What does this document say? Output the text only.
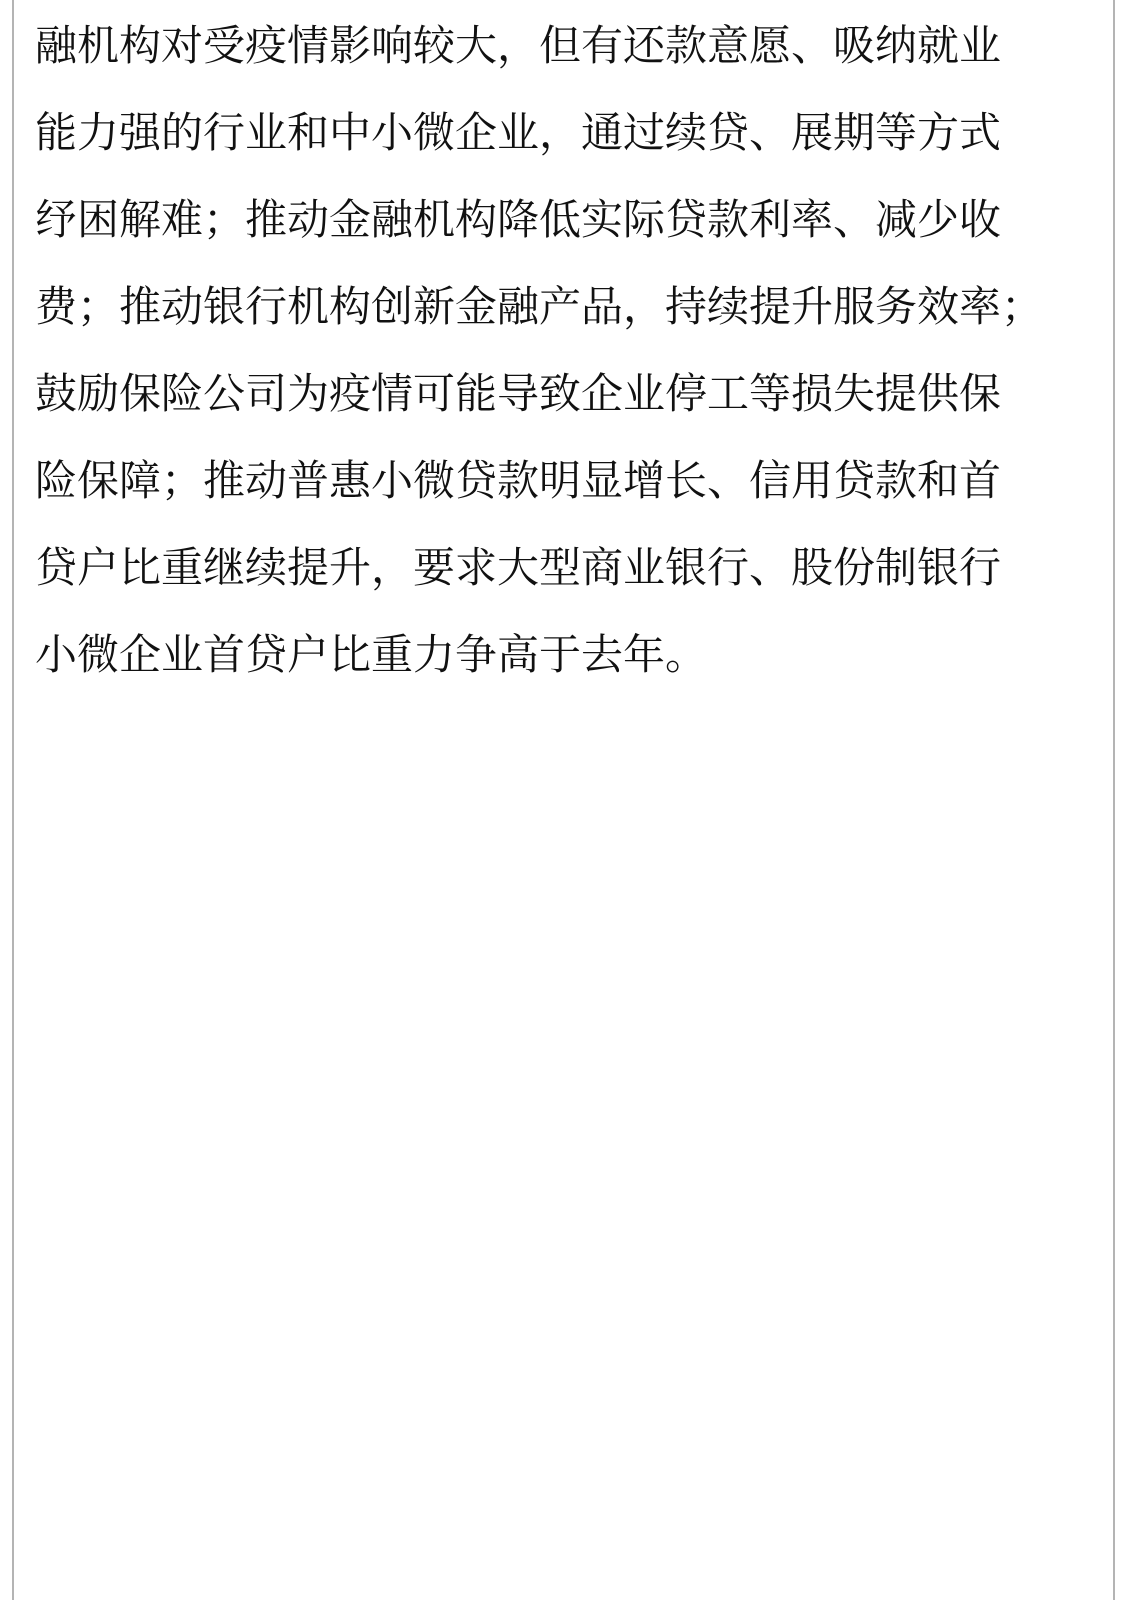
融机构对受疫情影响较大，但有还款意愿、吸纳就业
能力强的行业和中小微企业，通过续贷、展期等方式
纾困解难；推动金融机构降低实际贷款利率、减少收
费；推动银行机构创新金融产品，持续提升服务效率；
鼓励保险公司为疫情可能导致企业停工等损失提供保
险保障；推动普惠小微贷款明显增长、信用贷款和首
贷户比重继续提升，要求大型商业银行、股份制银行
小微企业首贷户比重力争高于去年。
